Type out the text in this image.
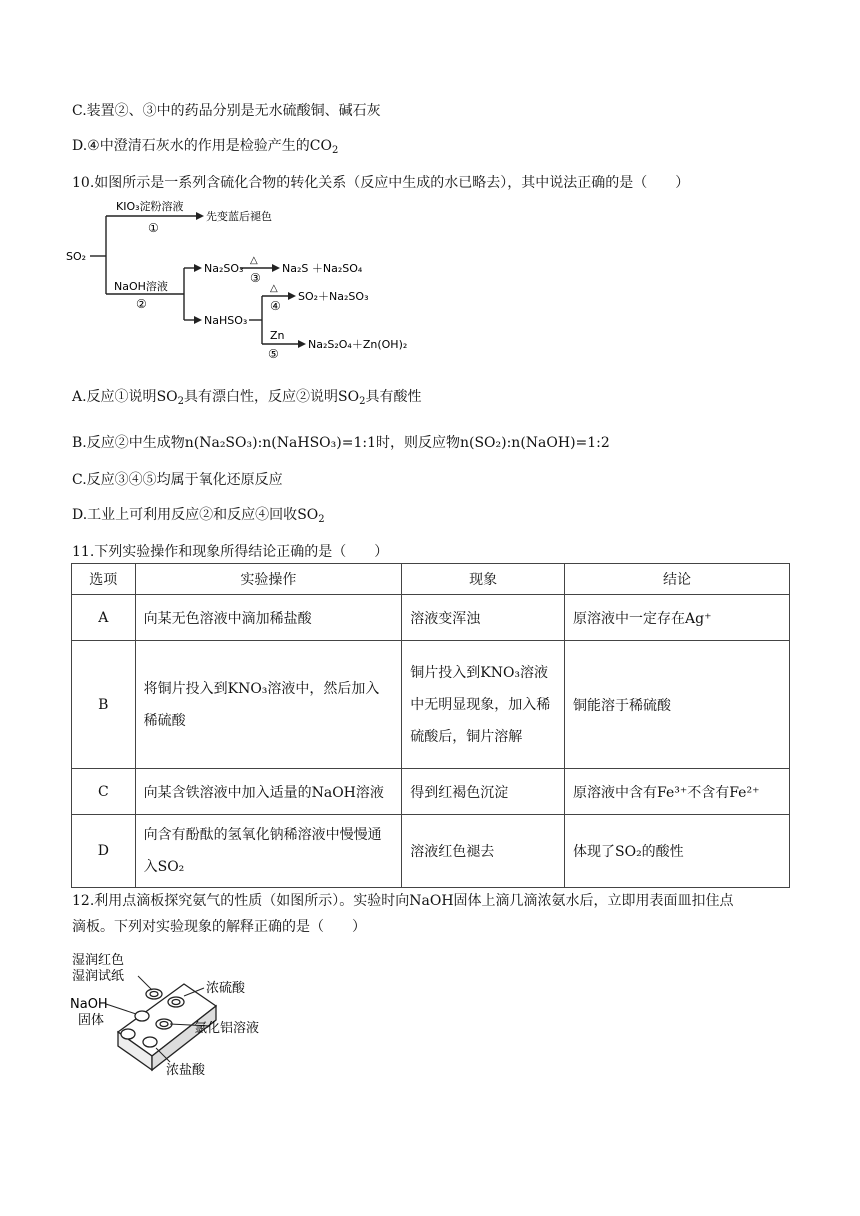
C.装置②、③中的药品分别是无水硫酸铜、碱石灰
D.④中澄清石灰水的作用是检验产生的$CO_2$
10.如图所示是一系列含硫化合物的转化关系（反应中生成的水已略去），其中说法正确的是（　　）
SO₂
KIO₃淀粉溶液
①
先变蓝后褪色
NaOH溶液
②
Na₂SO₃
△
③
Na₂S ＋Na₂SO₄
NaHSO₃
△
④
SO₂＋Na₂SO₃
Zn
⑤
Na₂S₂O₄＋Zn(OH)₂
A.反应①说明$SO_2$具有漂白性，反应②说明$SO_2$具有酸性
B.反应②中生成物n(Na₂SO₃):n(NaHSO₃)=1:1时，则反应物n(SO₂):n(NaOH)=1:2
C.反应③④⑤均属于氧化还原反应
D.工业上可利用反应②和反应④回收$SO_2$
11.下列实验操作和现象所得结论正确的是（　　）
选项	实验操作	现象	结论
A	向某无色溶液中滴加稀盐酸	溶液变浑浊	原溶液中一定存在Ag⁺
B	将铜片投入到KNO₃溶液中，然后加入稀硫酸	铜片投入到KNO₃溶液中无明显现象，加入稀硫酸后，铜片溶解	铜能溶于稀硫酸
C	向某含铁溶液中加入适量的NaOH溶液	得到红褐色沉淀	原溶液中含有Fe³⁺不含有Fe²⁺
D	向含有酚酞的氢氧化钠稀溶液中慢慢通入SO₂	溶液红色褪去	体现了SO₂的酸性
12.利用点滴板探究氨气的性质（如图所示）。实验时向NaOH固体上滴几滴浓氨水后，立即用表面皿扣住点
滴板。下列对实验现象的解释正确的是（　　）
湿润红色
湿润试纸
NaOH
固体
浓硫酸
氯化铝溶液
浓盐酸
